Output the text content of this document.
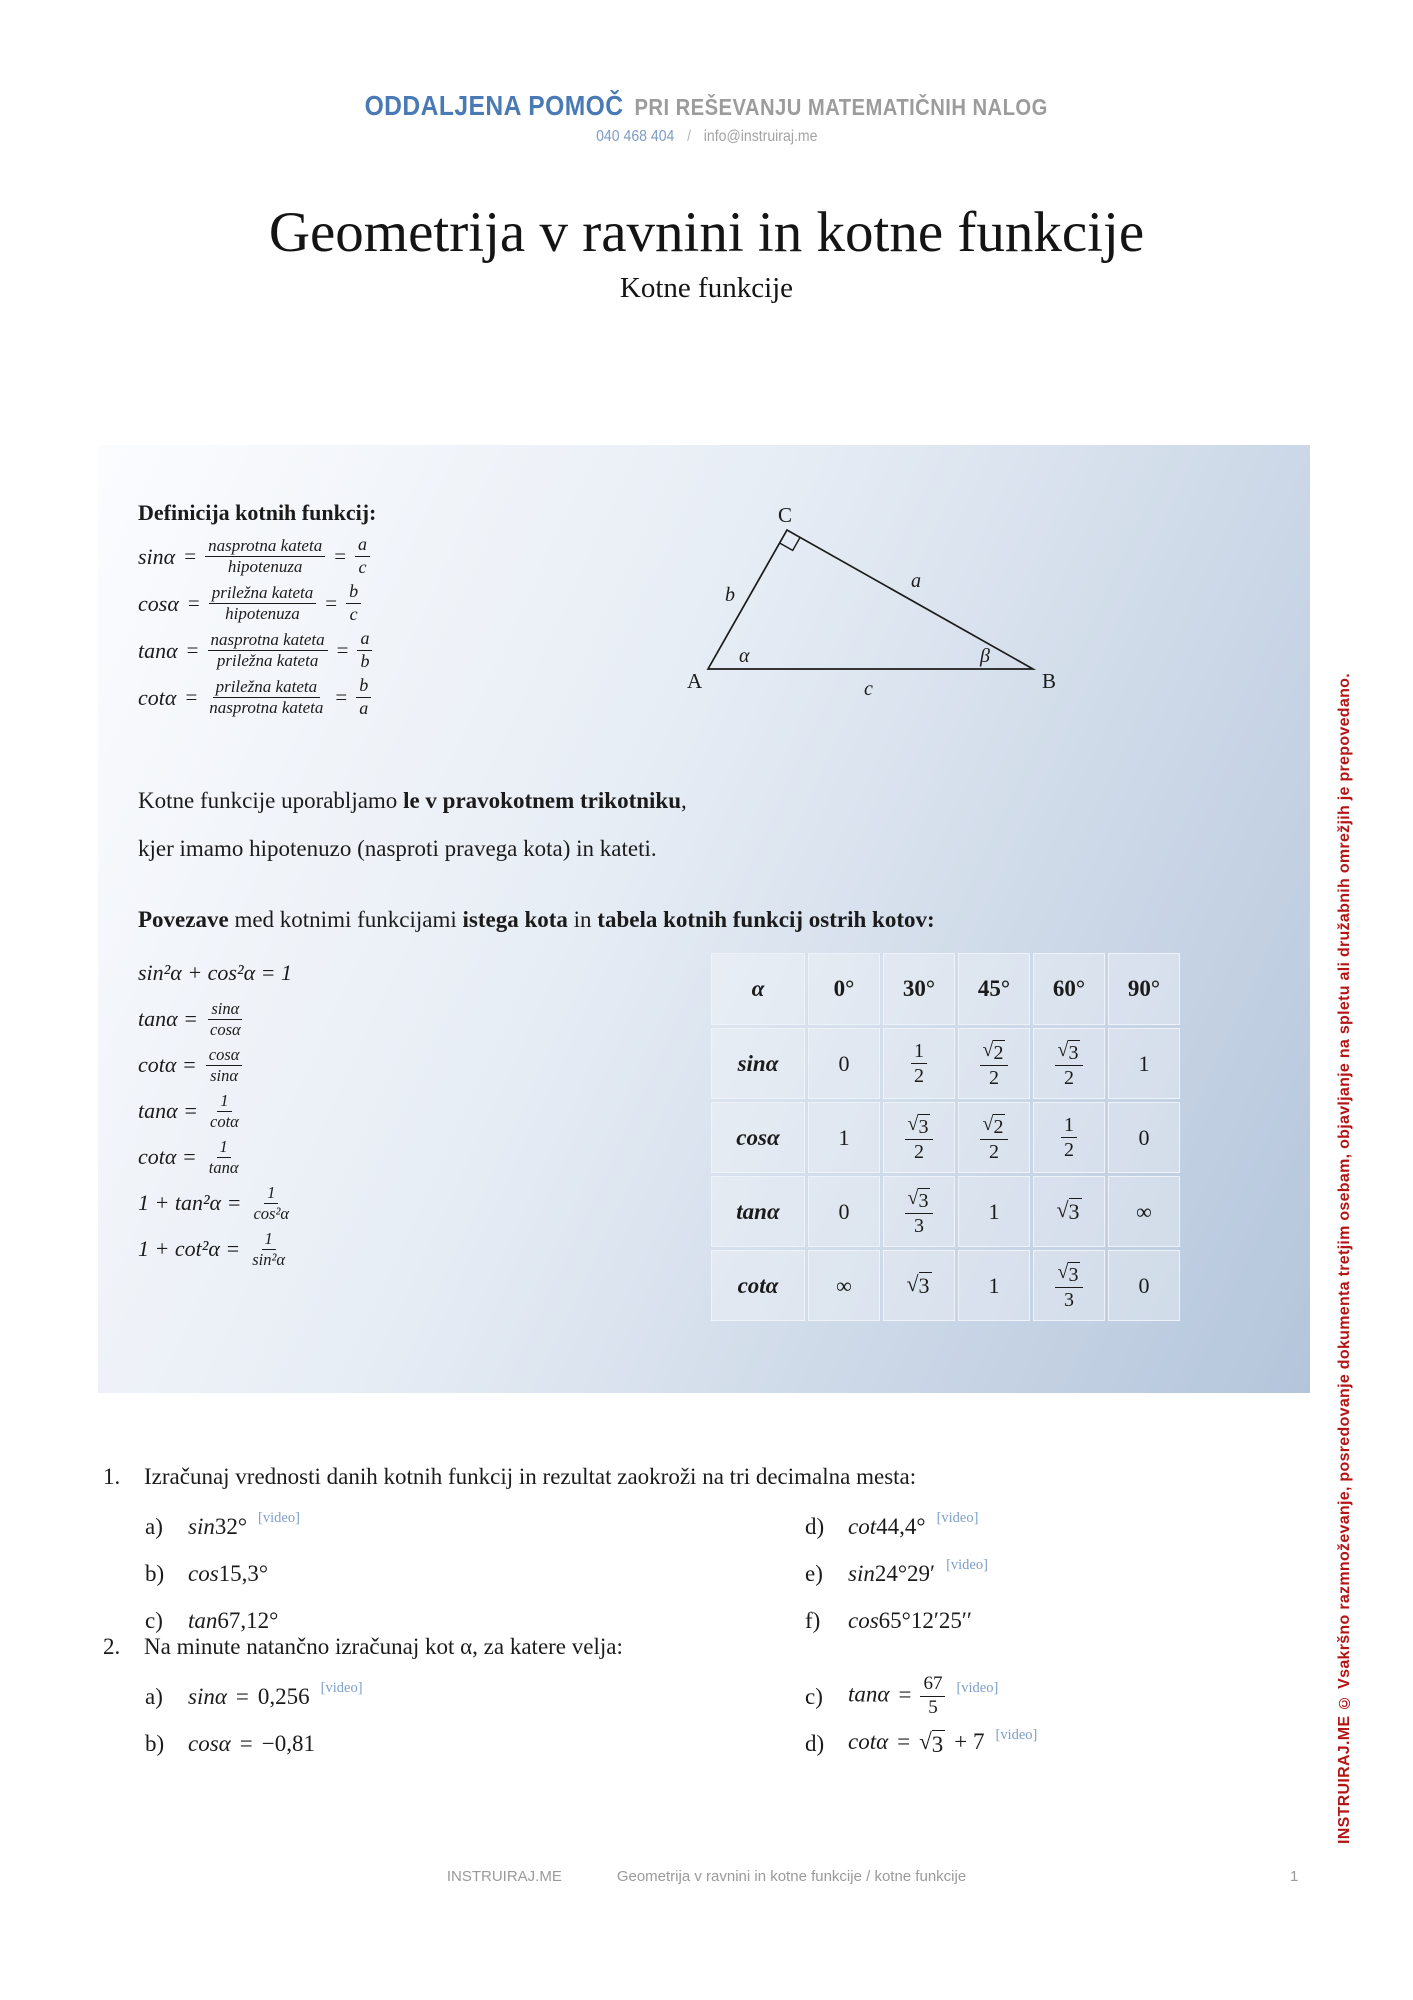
ODDALJENA POMOČ PRI REŠEVANJU MATEMATIČNIH NALOG
040 468 404 / info@instruiraj.me
Geometrija v ravnini in kotne funkcije
Kotne funkcije
Definicija kotnih funkcij:
$\sin\alpha = \frac{\text{nasprotna kateta}}{\text{hipotenuza}} = \frac{a}{c}$
$\cos\alpha = \frac{\text{priležna kateta}}{\text{hipotenuza}} = \frac{b}{c}$
$\tan\alpha = \frac{\text{nasprotna kateta}}{\text{priležna kateta}} = \frac{a}{b}$
$\cot\alpha = \frac{\text{priležna kateta}}{\text{nasprotna kateta}} = \frac{b}{a}$
C
A	B
b
a
c
α	β

Kotne funkcije uporabljamo le v pravokotnem trikotniku,
kjer imamo hipotenuzo (nasproti pravega kota) in kateti.

Povezave med kotnimi funkcijami istega kota in tabela kotnih funkcij ostrih kotov:
sin²α + cos²α = 1
$\tan\alpha = \frac{\sin\alpha}{\cos\alpha}$
$\cot\alpha = \frac{\cos\alpha}{\sin\alpha}$
$\tan\alpha = \frac{1}{\cot\alpha}$
$\cot\alpha = \frac{1}{\tan\alpha}$
$1 + \tan^2\alpha = \frac{1}{\text{cos²α}}$
$1 + \cot^2\alpha = \frac{1}{\text{sin²α}}$
α	0°	30°	45°	60°	90°
sinα	0	$\frac{1}{2}$	$\frac{√ 2}{2}$	$\frac{√ 3}{2}$	1
cosα	1	$\frac{√ 3}{2}$	$\frac{√ 2}{2}$	$\frac{1}{2}$	0
tanα	0	$\frac{√ 3}{3}$	1	√ 3	∞
cotα	∞	√ 3	1	$\frac{√ 3}{3}$	0
1.	Izračunaj vrednosti danih kotnih funkcij in rezultat zaokroži na tri decimalna mesta:
a)	sin32° [video]
b)	cos15,3°
c)	tan67,12°
d)	cot44,4° [video]
e)	sin24°29′ [video]
f)	cos65°12′25′′
2.	Na minute natančno izračunaj kot α, za katere velja:
a)	sinα = 0,256 [video]
b)	cosα = −0,81
c)	$\tan\alpha = \frac{67}{5}$ [video]
d)	cotα = √ 3 + 7 [video]
INSTRUIRAJ.ME	Geometrija v ravnini in kotne funkcije / kotne funkcije	1
INSTRUIRAJ.ME © Vsakršno razmnoževanje, posredovanje dokumenta tretjim osebam, objavljanje na spletu ali družabnih omrežjih je prepovedano.
